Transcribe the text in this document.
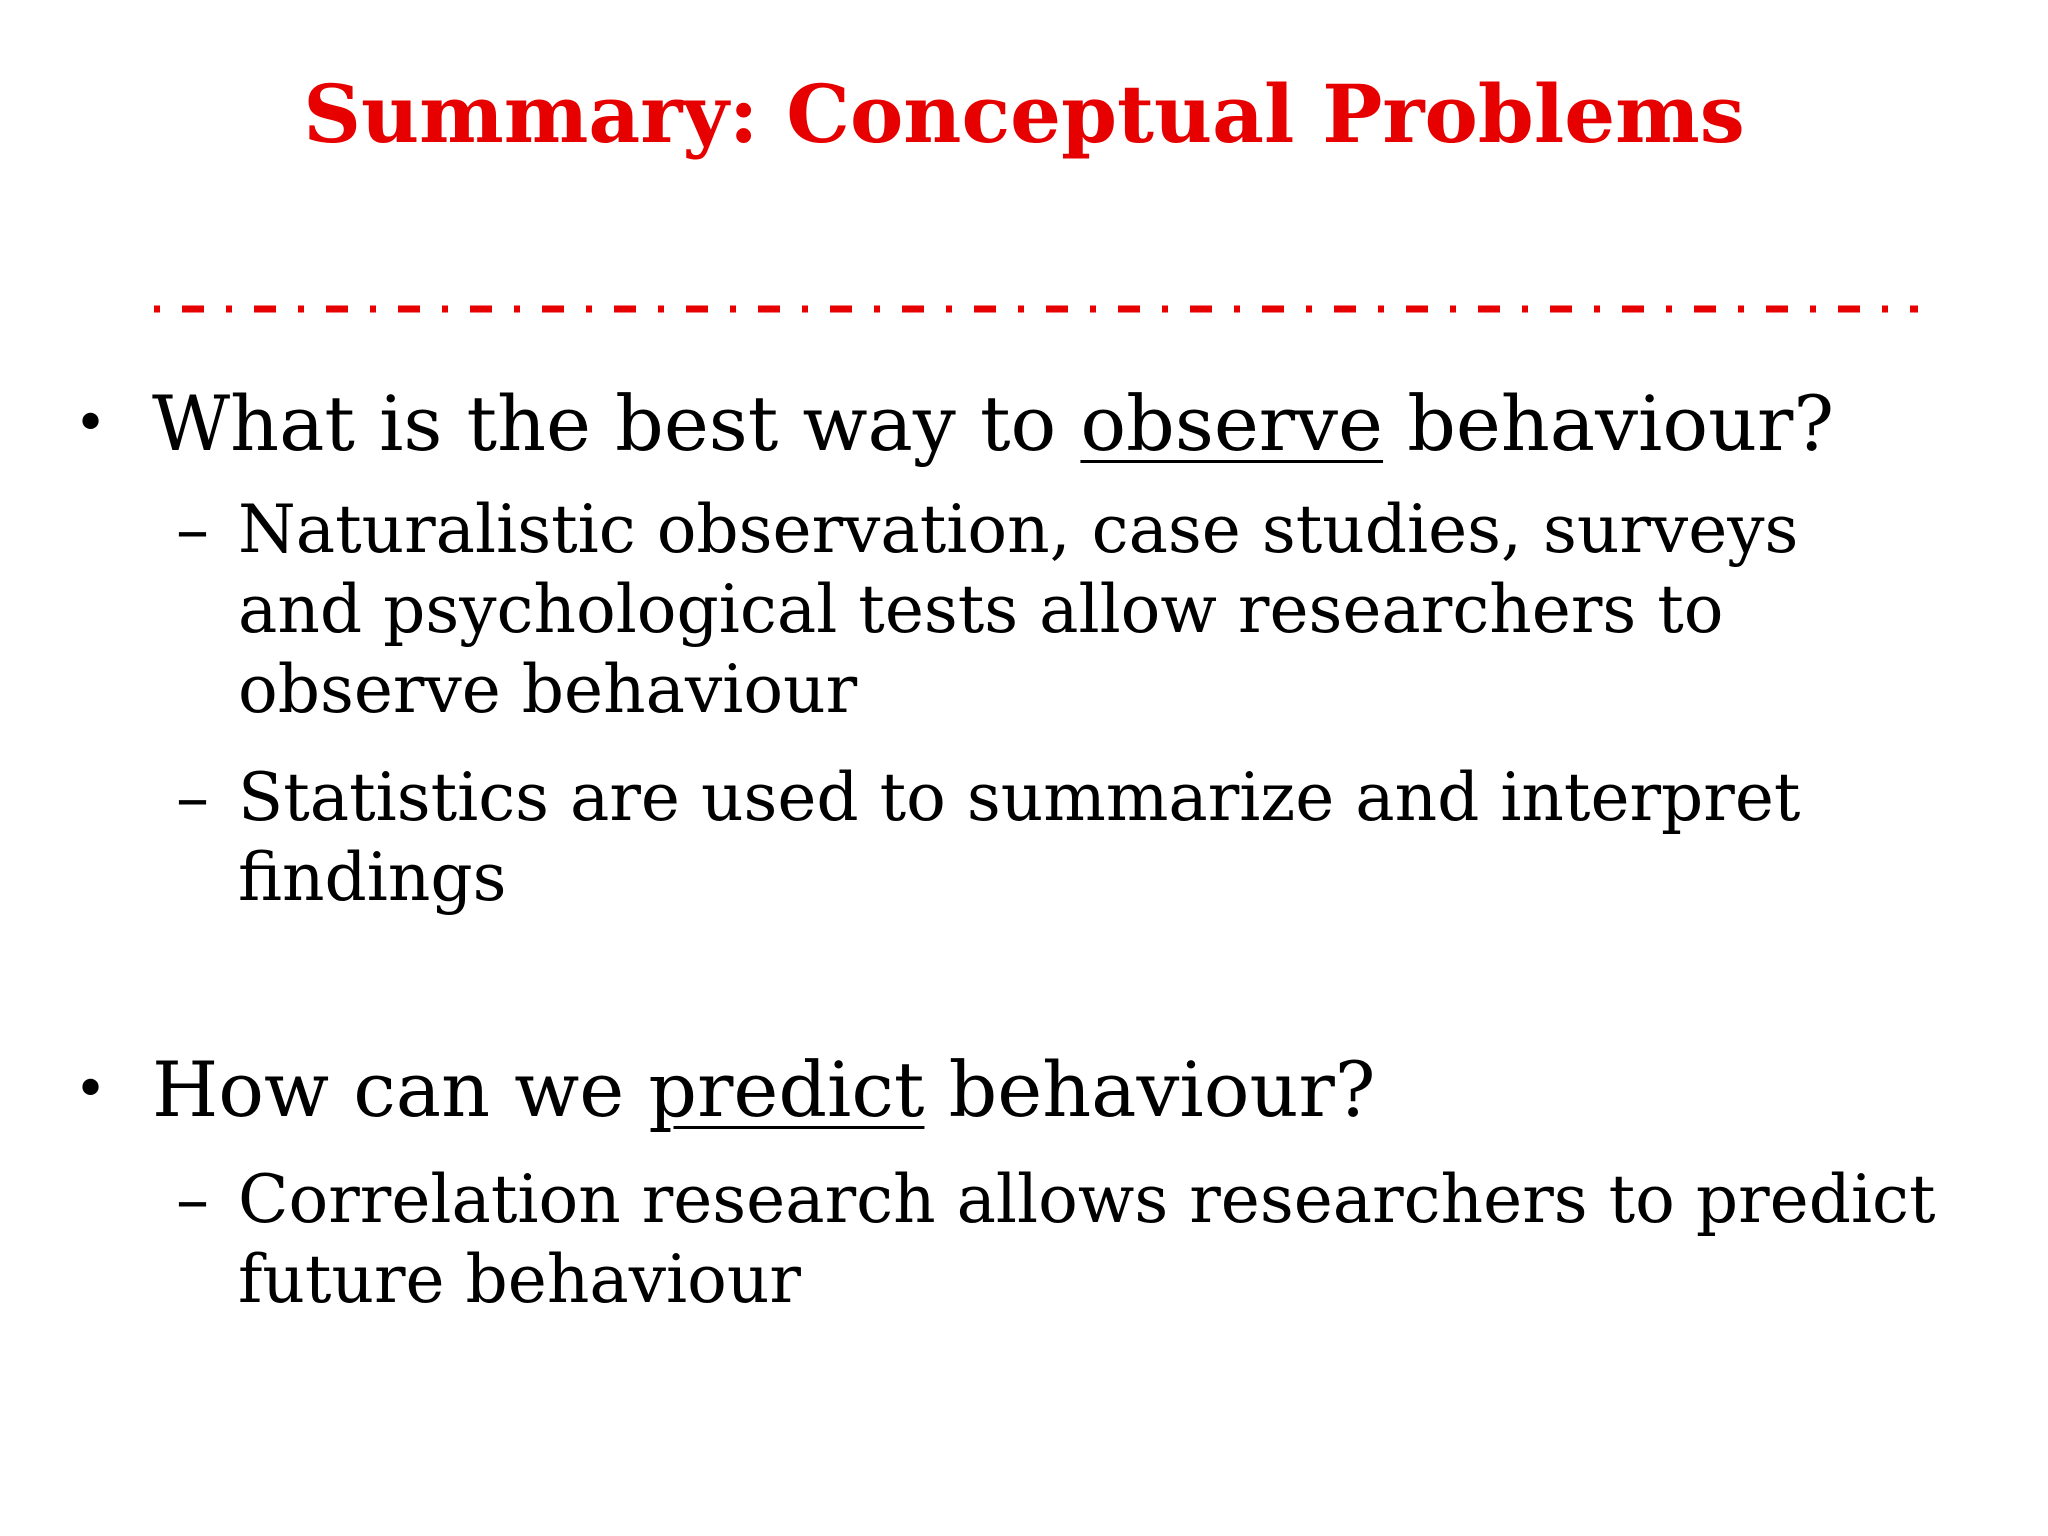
Summary: Conceptual Problems
• What is the best way to observe behaviour?
– Naturalistic observation, case studies, surveys
and psychological tests allow researchers to
observe behaviour
– Statistics are used to summarize and interpret
findings
• How can we predict behaviour?
– Correlation research allows researchers to predict
future behaviour
